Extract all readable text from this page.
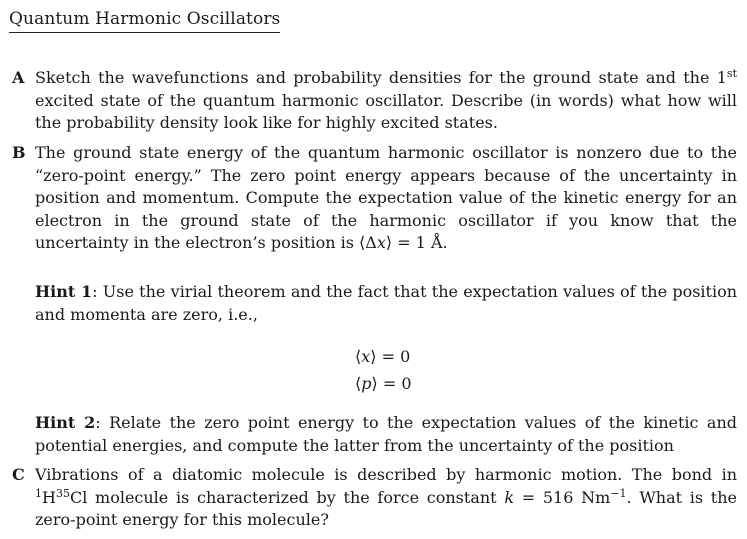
Quantum Harmonic Oscillators
A Sketch the wavefunctions and probability densities for the ground state and the 1st excited state of the quantum harmonic oscillator. Describe (in words) what how will the probability density look like for highly excited states.
B The ground state energy of the quantum harmonic oscillator is nonzero due to the “zero-point energy.” The zero point energy appears because of the uncertainty in position and momentum. Compute the expectation value of the kinetic energy for an electron in the ground state of the harmonic oscillator if you know that the uncertainty in the electron’s position is ⟨Δx⟩ = 1 Å.
Hint 1: Use the virial theorem and the fact that the expectation values of the position and momenta are zero, i.e.,
⟨x⟩ = 0
⟨p⟩ = 0
Hint 2: Relate the zero point energy to the expectation values of the kinetic and potential energies, and compute the latter from the uncertainty of the position
C Vibrations of a diatomic molecule is described by harmonic motion. The bond in $^1H^{35}Cl$ molecule is characterized by the force constant k = 516 $Nm^{-1}$. What is the zero-point energy for this molecule?
